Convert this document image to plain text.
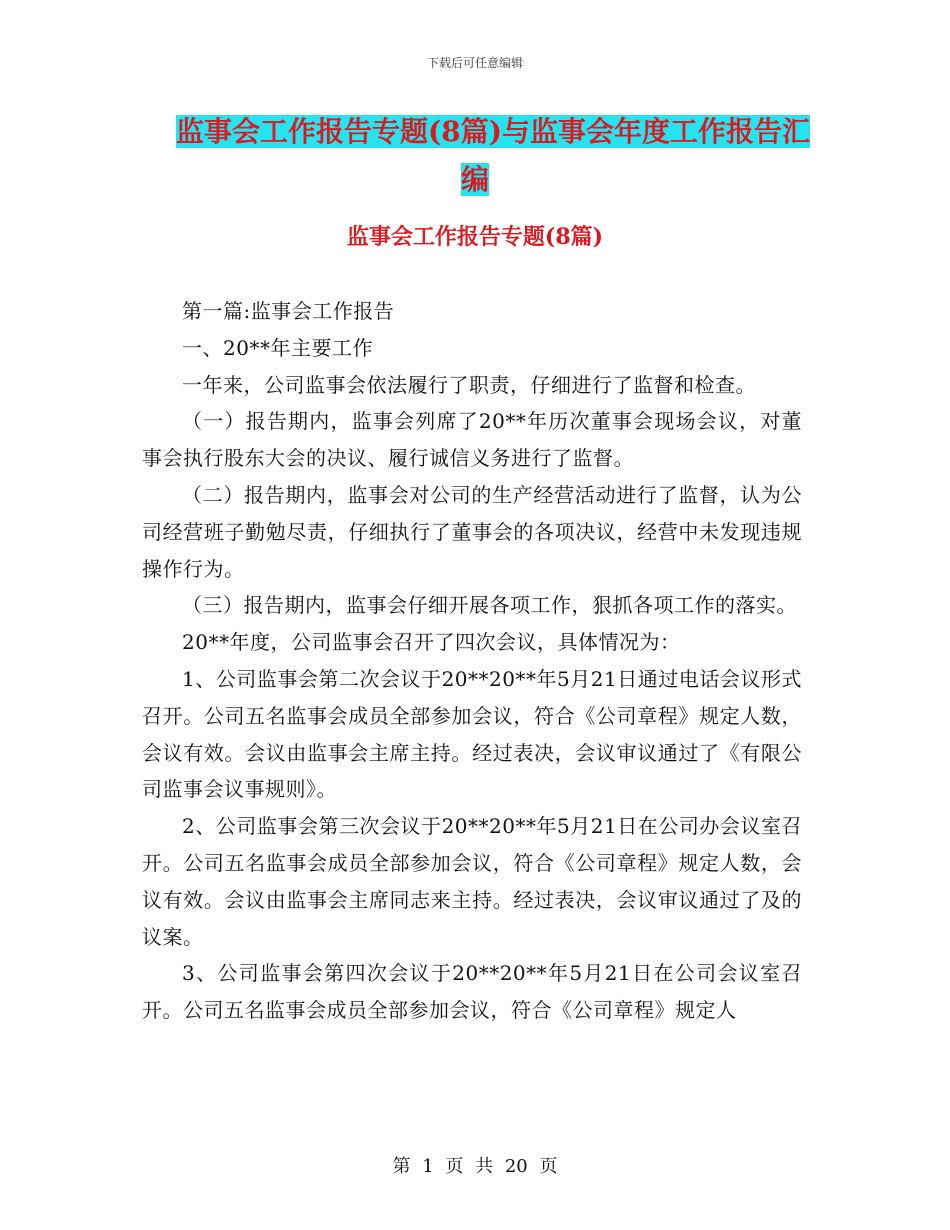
下载后可任意编辑
监事会工作报告专题(8篇)与监事会年度工作报告汇
编
监事会工作报告专题(8篇)

第一篇:监事会工作报告

一、20**年主要工作

一年来，公司监事会依法履行了职责，仔细进行了监督和检查。

（一）报告期内，监事会列席了20**年历次董事会现场会议，对董事会执行股东大会的决议、履行诚信义务进行了监督。

（二）报告期内，监事会对公司的生产经营活动进行了监督，认为公司经营班子勤勉尽责，仔细执行了董事会的各项决议，经营中未发现违规操作行为。

（三）报告期内，监事会仔细开展各项工作，狠抓各项工作的落实。

20**年度，公司监事会召开了四次会议，具体情况为：

1、公司监事会第二次会议于20**20**年5月21日通过电话会议形式召开。公司五名监事会成员全部参加会议，符合《公司章程》规定人数，会议有效。会议由监事会主席主持。经过表决，会议审议通过了《有限公司监事会议事规则》。

2、公司监事会第三次会议于20**20**年5月21日在公司办会议室召开。公司五名监事会成员全部参加会议，符合《公司章程》规定人数，会议有效。会议由监事会主席同志来主持。经过表决，会议审议通过了及的议案。

3、公司监事会第四次会议于20**20**年5月21日在公司会议室召开。公司五名监事会成员全部参加会议，符合《公司章程》规定人

第 1 页 共 20 页
